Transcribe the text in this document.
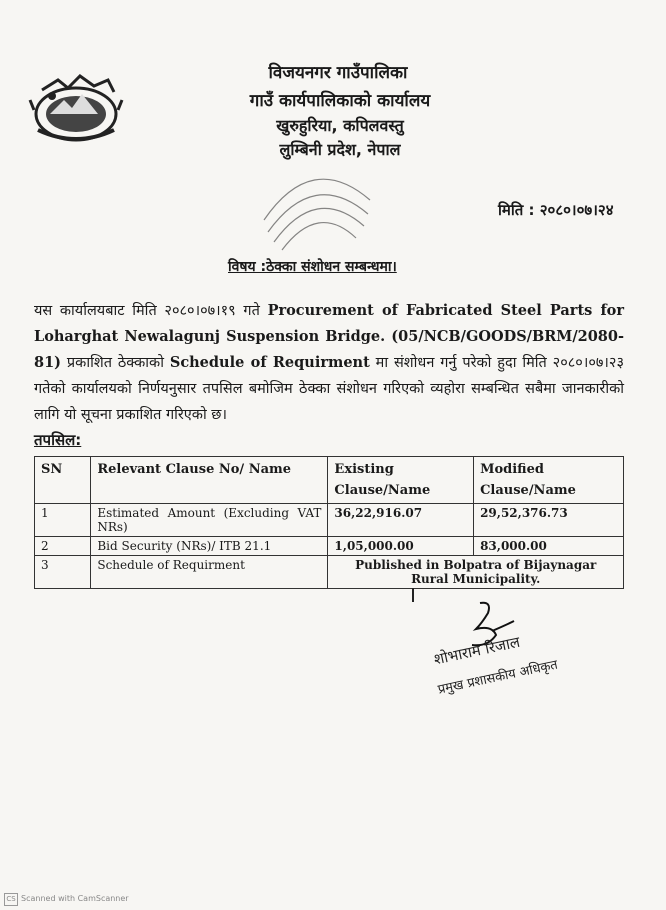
विजयनगर गाउँपालिका
गाउँ कार्यपालिकाको कार्यालय
खुरुहुरिया, कपिलवस्तु
लुम्बिनी प्रदेश, नेपाल
मिति : २०८०।०७।२४
विषय :ठेक्का संशोधन सम्बन्धमा।
यस कार्यालयबाट मिति २०८०।०७।१९ गते Procurement of Fabricated Steel Parts for Loharghat Newalagunj Suspension Bridge. (05/NCB/GOODS/BRM/2080-81) प्रकाशित ठेक्काको Schedule of Requirment मा संशोधन गर्नु परेको हुदा मिति २०८०।०७।२३ गतेको कार्यालयको निर्णयनुसार तपसिल बमोजिम ठेक्का संशोधन गरिएको व्यहोरा सम्बन्धित सबैमा जानकारीको लागि यो सूचना प्रकाशित गरिएको छ।
तपसिल:
SN	Relevant Clause No/ Name	Existing Clause/Name	Modified Clause/Name
1	Estimated Amount (Excluding VAT NRs)	36,22,916.07	29,52,376.73
2	Bid Security (NRs)/ ITB 21.1	1,05,000.00	83,000.00
3	Schedule of Requirment	Published in Bolpatra of Bijaynagar Rural Municipality.	
शोभाराम रिजाल
प्रमुख प्रशासकीय अधिकृत
CS Scanned with CamScanner
